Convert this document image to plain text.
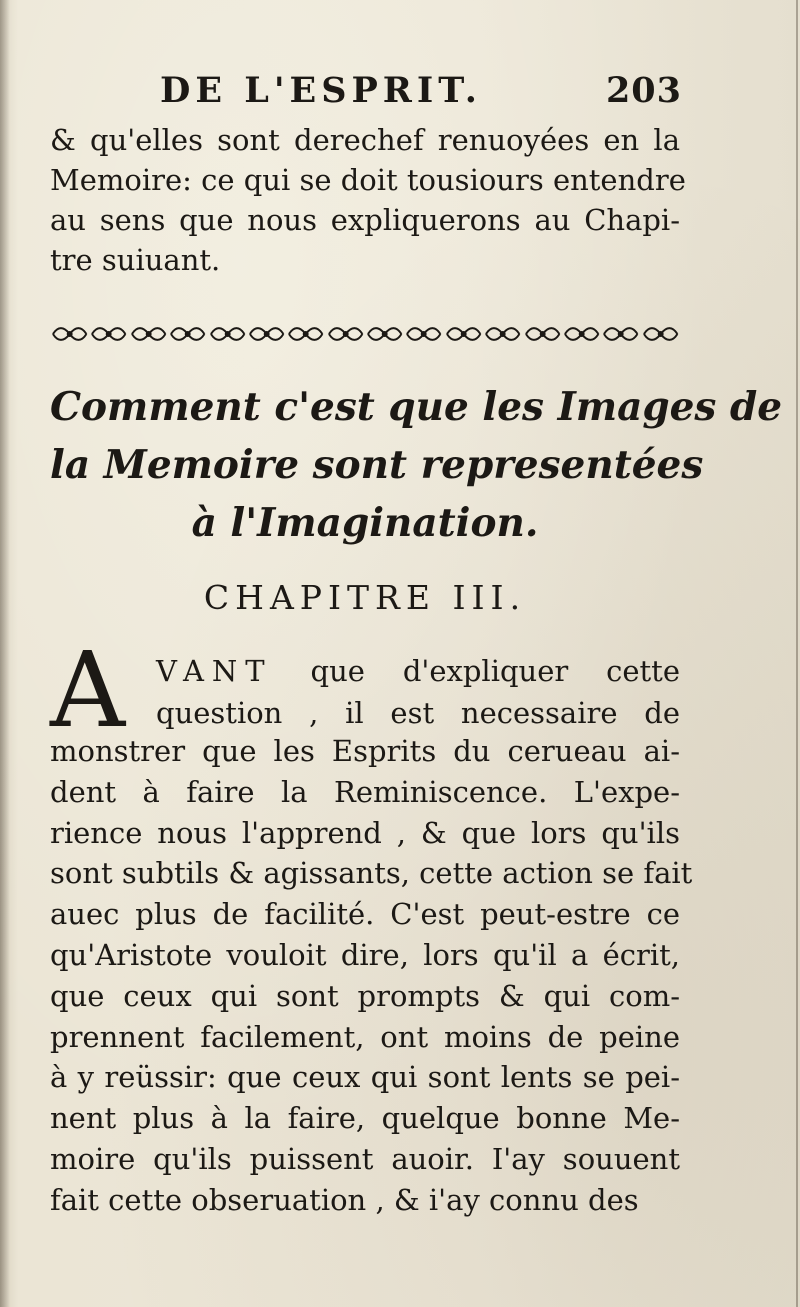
DE L'ESPRIT.	203
& qu'elles sont derechef renuoyées en la
Memoire: ce qui se doit tousiours entendre
au sens que nous expliquerons au Chapi-
tre suiuant.
Comment c'est que les Images de
la Memoire sont representées
à l'Imagination.
CHAPITRE III.
A VANT que d'expliquer cette
question , il est necessaire de
monstrer que les Esprits du cerueau ai-
dent à faire la Reminiscence. L'expe-
rience nous l'apprend , & que lors qu'ils
sont subtils & agissants, cette action se fait
auec plus de facilité. C'est peut-estre ce
qu'Aristote vouloit dire, lors qu'il a écrit,
que ceux qui sont prompts & qui com-
prennent facilement, ont moins de peine
à y reüssir: que ceux qui sont lents se pei-
nent plus à la faire, quelque bonne Me-
moire qu'ils puissent auoir. I'ay souuent
fait cette obseruation , & i'ay connu des
